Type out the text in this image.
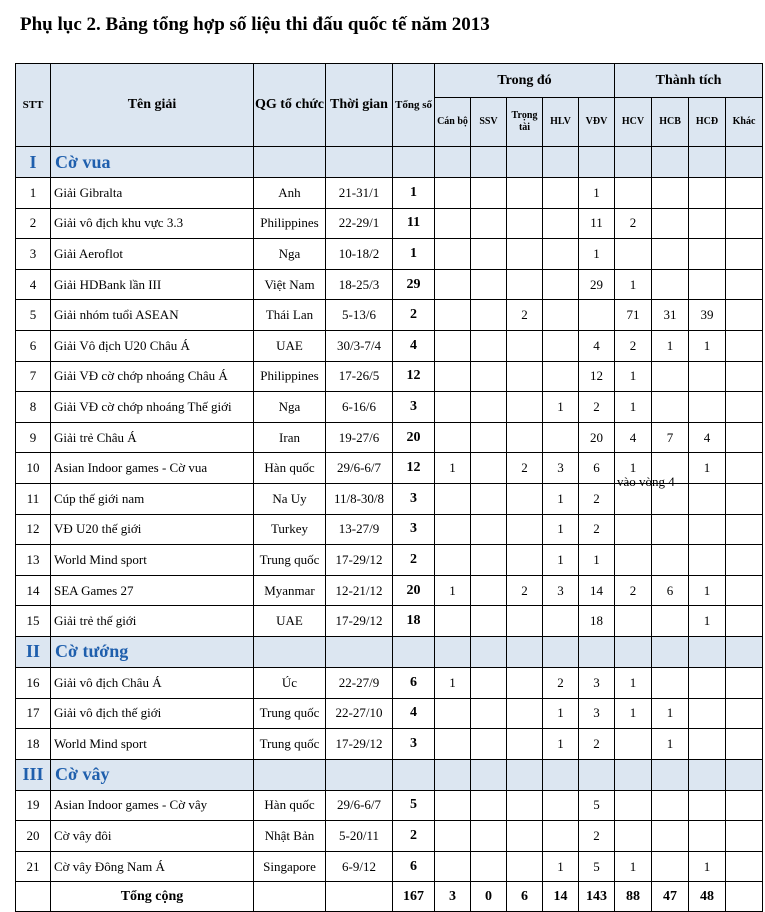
Phụ lục 2. Bảng tổng hợp số liệu thi đấu quốc tế năm 2013
STT	Tên giải	QG tổ chức	Thời gian	Tổng số	Trong đó					Thành tích			
					Cán bộ	SSV	Trọng tài	HLV	VĐV	HCV	HCB	HCĐ	Khác
I	Cờ vua												
1	Giải Gibralta	Anh	21-31/1	1					1				
2	Giải vô địch khu vực 3.3	Philippines	22-29/1	11					11	2			
3	Giải Aeroflot	Nga	10-18/2	1					1				
4	Giải HDBank lần III	Việt Nam	18-25/3	29					29	1			
5	Giải nhóm tuổi ASEAN	Thái Lan	5-13/6	2			2			71	31	39	
6	Giải Vô địch U20 Châu Á	UAE	30/3-7/4	4					4	2	1	1	
7	Giải VĐ cờ chớp nhoáng Châu Á	Philippines	17-26/5	12					12	1			
8	Giải VĐ cờ chớp nhoáng Thế giới	Nga	6-16/6	3				1	2	1			
9	Giải trẻ Châu Á	Iran	19-27/6	20					20	4	7	4	
10	Asian Indoor games - Cờ vua	Hàn quốc	29/6-6/7	12	1		2	3	6	1		1	
11	Cúp thế giới nam	Na Uy	11/8-30/8	3				1	2				
12	VĐ U20 thế giới	Turkey	13-27/9	3				1	2				
13	World Mind sport	Trung quốc	17-29/12	2				1	1				
14	SEA Games 27	Myanmar	12-21/12	20	1		2	3	14	2	6	1	
15	Giải trẻ thế giới	UAE	17-29/12	18					18			1	
II	Cờ tướng												
16	Giải vô địch Châu Á	Úc	22-27/9	6	1			2	3	1			
17	Giải vô địch thế giới	Trung quốc	22-27/10	4				1	3	1	1		
18	World Mind sport	Trung quốc	17-29/12	3				1	2		1		
III	Cờ vây												
19	Asian Indoor games - Cờ vây	Hàn quốc	29/6-6/7	5					5				
20	Cờ vây đôi	Nhật Bản	5-20/11	2					2				
21	Cờ vây Đông Nam Á	Singapore	6-9/12	6				1	5	1		1	
	Tổng cộng			167	3	0	6	14	143	88	47	48	
vào vòng 4
